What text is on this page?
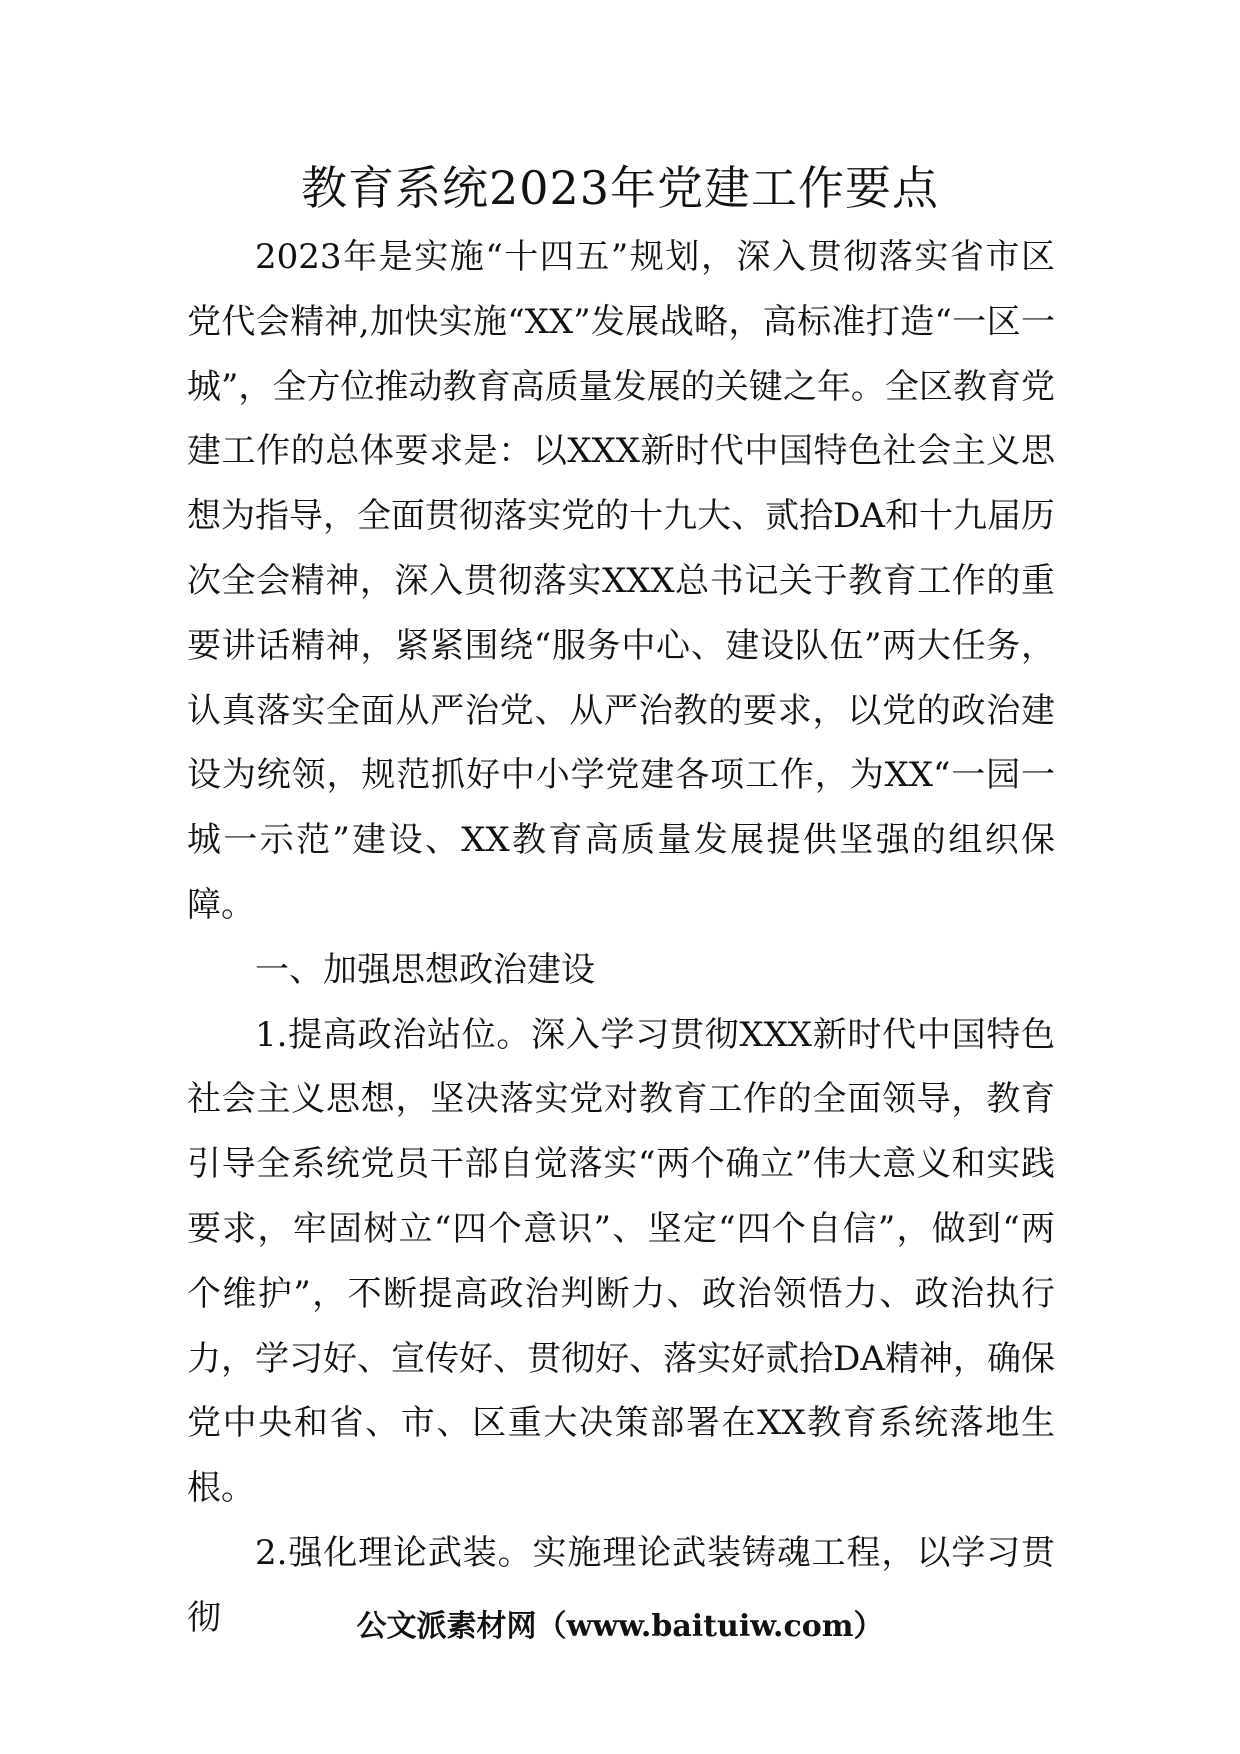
教育系统2023年党建工作要点

2023年是实施“十四五”规划，深入贯彻落实省市区党代会精神,加快实施“XX”发展战略，高标准打造“一区一城”，全方位推动教育高质量发展的关键之年。全区教育党建工作的总体要求是：以XXX新时代中国特色社会主义思想为指导，全面贯彻落实党的十九大、贰拾DA和十九届历次全会精神，深入贯彻落实XXX总书记关于教育工作的重要讲话精神，紧紧围绕“服务中心、建设队伍”两大任务，认真落实全面从严治党、从严治教的要求，以党的政治建设为统领，规范抓好中小学党建各项工作，为XX“一园一城一示范”建设、XX教育高质量发展提供坚强的组织保障。

一、加强思想政治建设

1.提高政治站位。深入学习贯彻XXX新时代中国特色社会主义思想，坚决落实党对教育工作的全面领导，教育引导全系统党员干部自觉落实“两个确立”伟大意义和实践要求，牢固树立“四个意识”、坚定“四个自信”，做到“两个维护”，不断提高政治判断力、政治领悟力、政治执行力，学习好、宣传好、贯彻好、落实好贰拾DA精神，确保党中央和省、市、区重大决策部署在XX教育系统落地生根。

2.强化理论武装。实施理论武装铸魂工程，以学习贯彻	公文派素材网（www.baituiw.com）
